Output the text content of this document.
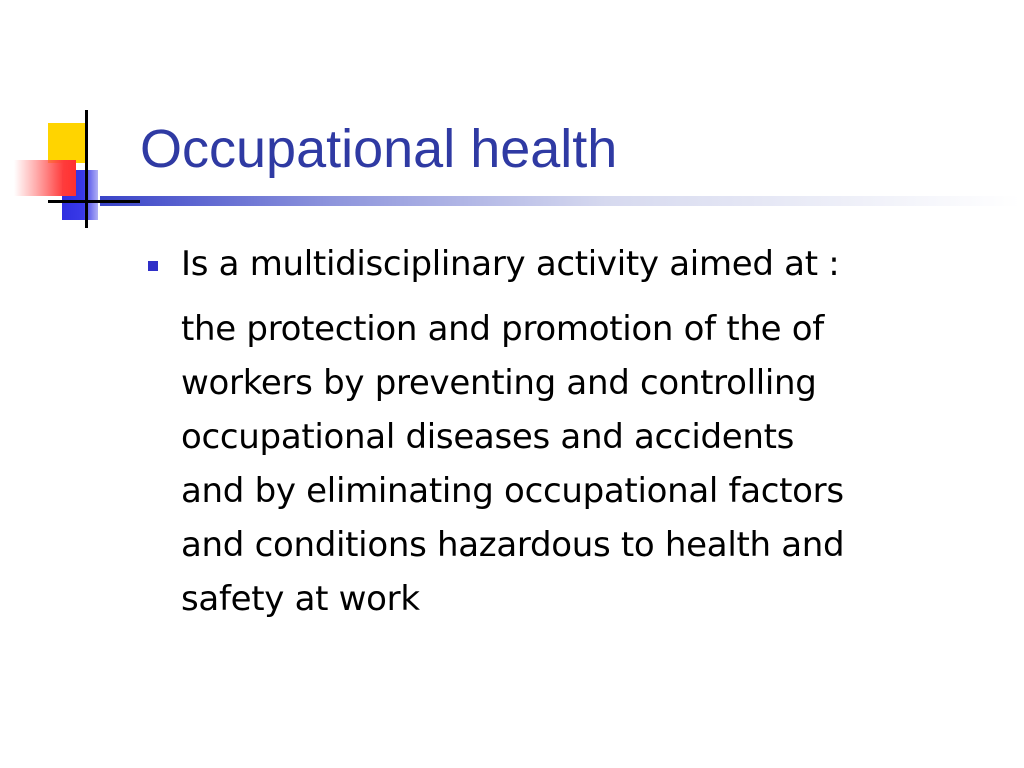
Occupational health
Is a multidisciplinary activity aimed at :
the protection and promotion of the of
workers by preventing and controlling
occupational diseases and accidents
and by eliminating occupational factors
and conditions hazardous to health and
safety at work
